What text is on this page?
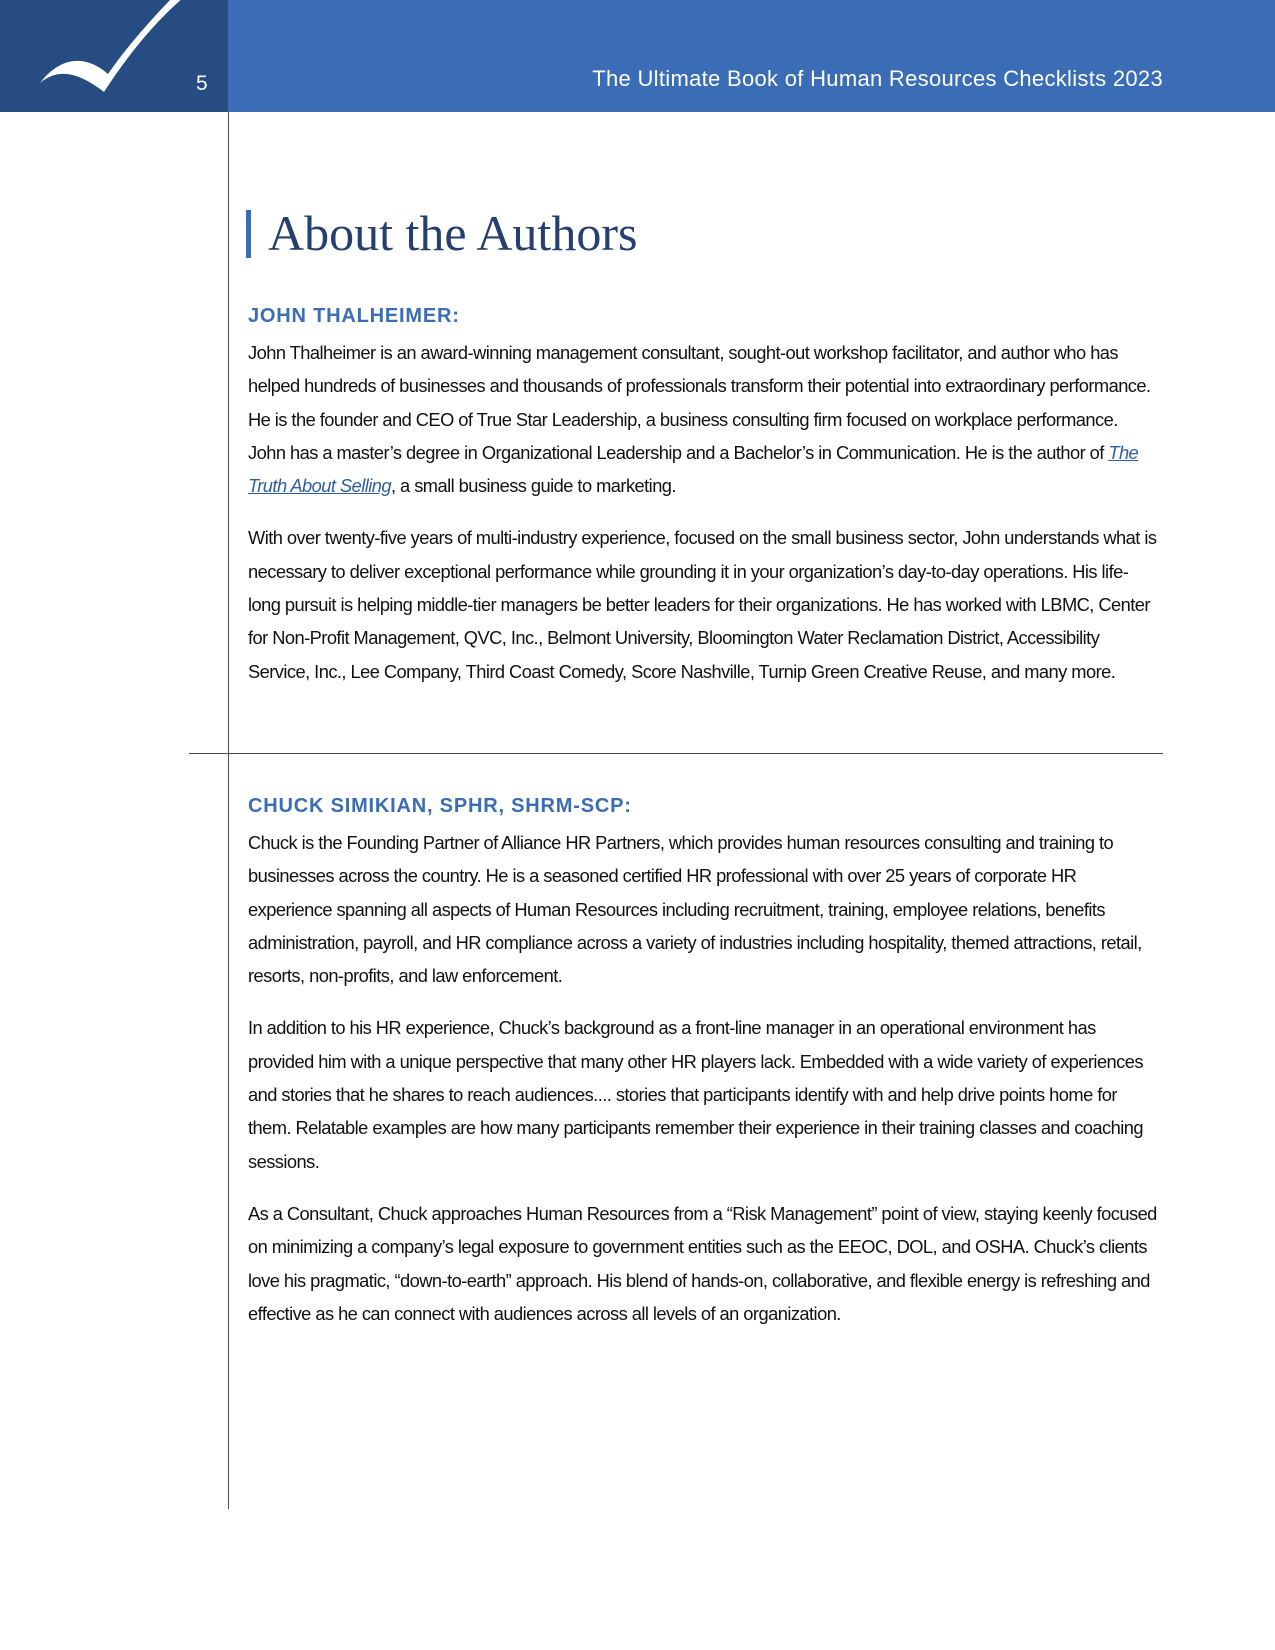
5	The Ultimate Book of Human Resources Checklists 2023
About the Authors
JOHN THALHEIMER:

John Thalheimer is an award-winning management consultant, sought-out workshop facilitator, and author who has helped hundreds of businesses and thousands of professionals transform their potential into extraordinary performance. He is the founder and CEO of True Star Leadership, a business consulting firm focused on workplace performance. John has a master’s degree in Organizational Leadership and a Bachelor’s in Communication. He is the author of The Truth About Selling, a small business guide to marketing.

With over twenty-five years of multi-industry experience, focused on the small business sector, John understands what is necessary to deliver exceptional performance while grounding it in your organization’s day-to-day operations. His life-long pursuit is helping middle-tier managers be better leaders for their organizations. He has worked with LBMC, Center for Non-Profit Management, QVC, Inc., Belmont University, Bloomington Water Reclamation District, Accessibility Service, Inc., Lee Company, Third Coast Comedy, Score Nashville, Turnip Green Creative Reuse, and many more.

CHUCK SIMIKIAN, SPHR, SHRM-SCP:

Chuck is the Founding Partner of Alliance HR Partners, which provides human resources consulting and training to businesses across the country. He is a seasoned certified HR professional with over 25 years of corporate HR experience spanning all aspects of Human Resources including recruitment, training, employee relations, benefits administration, payroll, and HR compliance across a variety of industries including hospitality, themed attractions, retail, resorts, non-profits, and law enforcement.

In addition to his HR experience, Chuck’s background as a front-line manager in an operational environment has provided him with a unique perspective that many other HR players lack. Embedded with a wide variety of experiences and stories that he shares to reach audiences.... stories that participants identify with and help drive points home for them. Relatable examples are how many participants remember their experience in their training classes and coaching sessions.

As a Consultant, Chuck approaches Human Resources from a “Risk Management” point of view, staying keenly focused on minimizing a company’s legal exposure to government entities such as the EEOC, DOL, and OSHA. Chuck’s clients love his pragmatic, “down-to-earth” approach. His blend of hands-on, collaborative, and flexible energy is refreshing and effective as he can connect with audiences across all levels of an organization.
